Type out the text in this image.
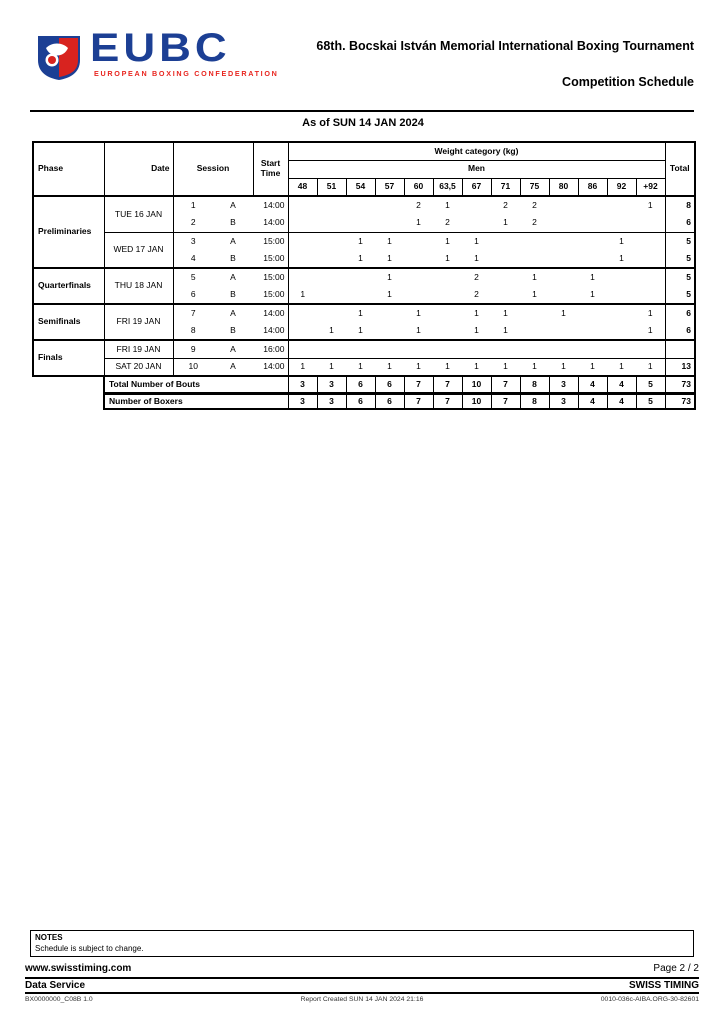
EUBC
EUROPEAN BOXING CONFEDERATION
68th. Bocskai István Memorial International Boxing Tournament
Competition Schedule
As of SUN 14 JAN 2024
Phase	Date	Session		Start Time	Weight category (kg)													Total
					Men													
					48	51	54	57	60	63,5	67	71	75	80	86	92	+92	
Preliminaries	TUE 16 JAN	1	A	14:00					2	1		2	2				1	8
		2	B	14:00					1	2		1	2					6
	WED 17 JAN	3	A	15:00			1	1		1	1					1		5
		4	B	15:00			1	1		1	1					1		5
Quarterfinals	THU 18 JAN	5	A	15:00				1			2		1		1			5
		6	B	15:00	1			1			2		1		1			5
Semifinals	FRI 19 JAN	7	A	14:00			1		1		1	1		1			1	6
		8	B	14:00		1	1		1		1	1					1	6
Finals	FRI 19 JAN	9	A	16:00														
	SAT 20 JAN	10	A	14:00	1	1	1	1	1	1	1	1	1	1	1	1	1	13
Total Number of Bouts	3	3	6	6	7	7	10	7	8	3	4	4	5	73
Number of Boxers	3	3	6	6	7	7	10	7	8	3	4	4	5	73
NOTES
Schedule is subject to change.
www.swisstiming.com	Page 2 / 2
Data Service	SWISS TIMING
BX0000000_C08B 1.0	Report Created SUN 14 JAN 2024 21:16	0010-036c-AIBA.ORG-30-82601
